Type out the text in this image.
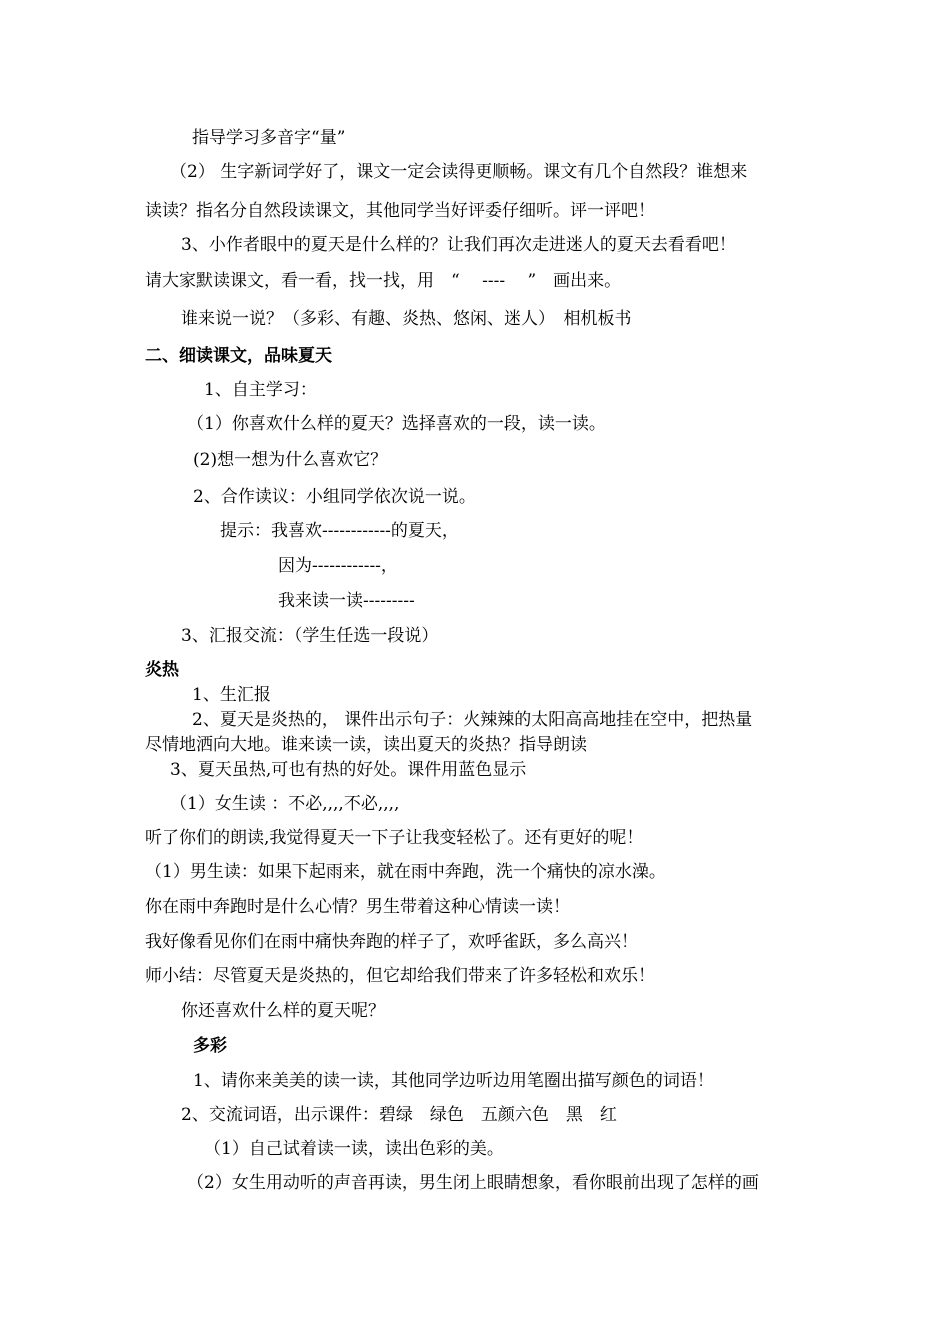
指导学习多音字“量”
（2） 生字新词学好了，课文一定会读得更顺畅。课文有几个自然段？谁想来
读读？指名分自然段读课文，其他同学当好评委仔细听。评一评吧！
3、小作者眼中的夏天是什么样的？让我们再次走进迷人的夏天去看看吧！
请大家默读课文，看一看，找一找，用　“　 ----　 ”　画出来。
谁来说一说？（多彩、有趣、炎热、悠闲、迷人）　相机板书
二、细读课文，品味夏天
1、自主学习：
（1）你喜欢什么样的夏天？选择喜欢的一段，读一读。
(2)想一想为什么喜欢它？
2、合作读议：小组同学依次说一说。
提示：我喜欢------------的夏天，
因为------------，
我来读一读---------
3、汇报交流：（学生任选一段说）
炎热
1、生汇报
2、夏天是炎热的， 课件出示句子：火辣辣的太阳高高地挂在空中，把热量
尽情地洒向大地。谁来读一读，读出夏天的炎热？指导朗读
3、夏天虽热,可也有热的好处。课件用蓝色显示
（1）女生读 ：不必,,,,不必,,,,
听了你们的朗读,我觉得夏天一下子让我变轻松了。还有更好的呢！
（1）男生读：如果下起雨来，就在雨中奔跑，洗一个痛快的凉水澡。
你在雨中奔跑时是什么心情？男生带着这种心情读一读！
我好像看见你们在雨中痛快奔跑的样子了，欢呼雀跃，多么高兴！
师小结：尽管夏天是炎热的，但它却给我们带来了许多轻松和欢乐！
你还喜欢什么样的夏天呢？
多彩
1、请你来美美的读一读，其他同学边听边用笔圈出描写颜色的词语！
2、交流词语，出示课件：碧绿　绿色　五颜六色　黑　红
（1）自己试着读一读，读出色彩的美。
（2）女生用动听的声音再读，男生闭上眼睛想象，看你眼前出现了怎样的画
